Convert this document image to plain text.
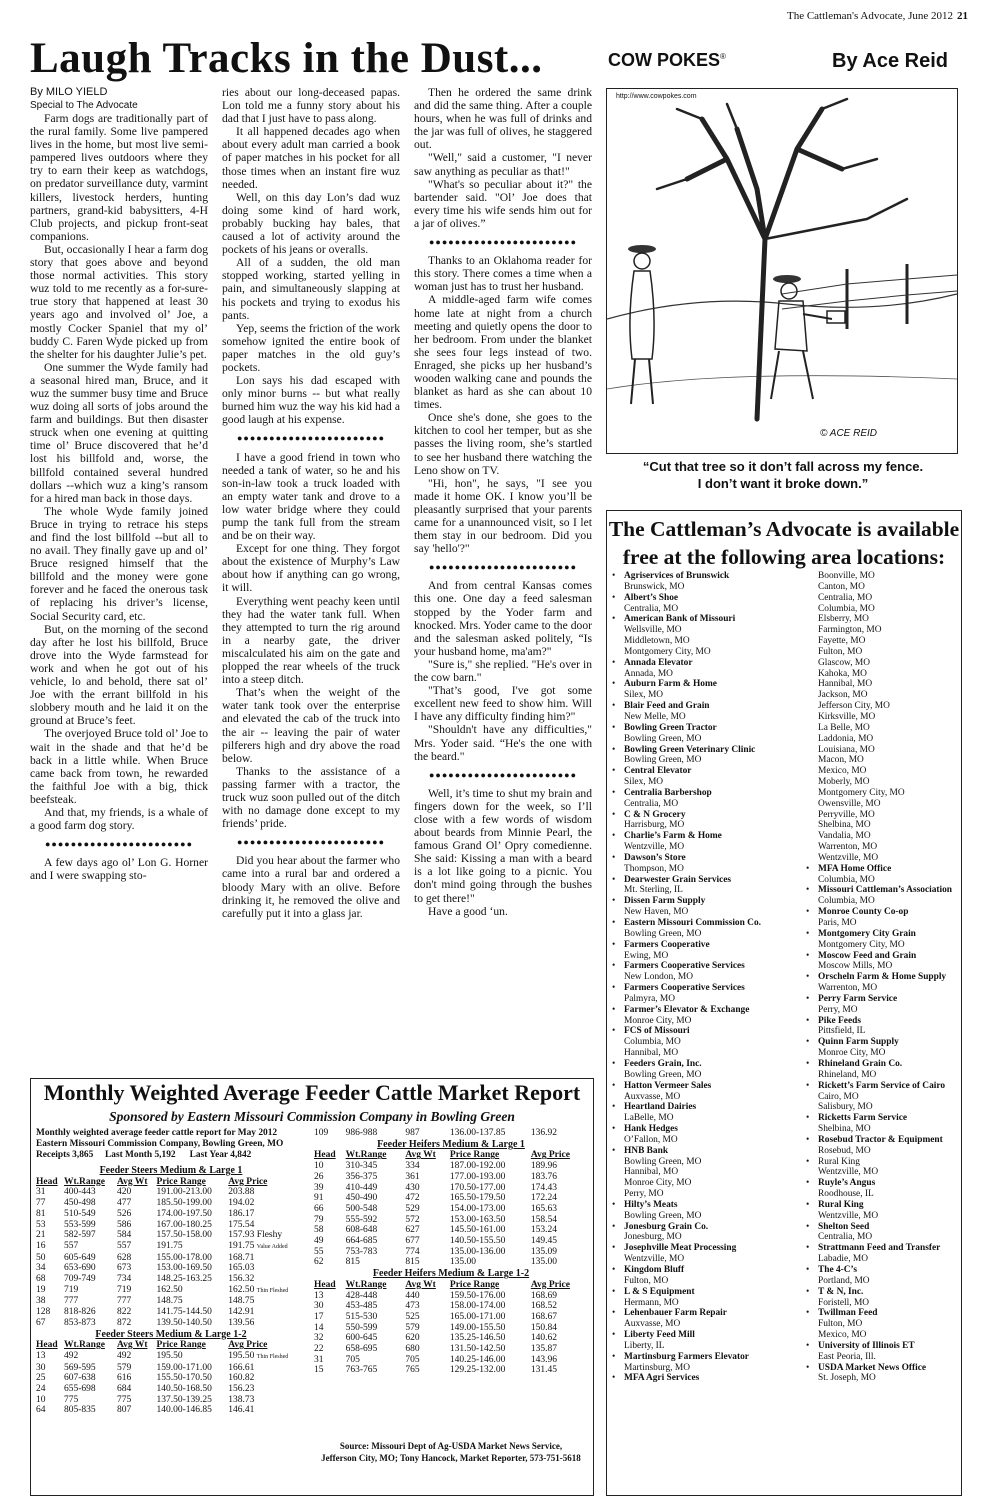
The Cattleman's Advocate, June 2012 21
Laugh Tracks in the Dust...
By MILO YIELD
Special to The Advocate

Farm dogs are traditionally part of the rural family. Some live pampered lives in the home, but most live semi-pampered lives outdoors where they try to earn their keep as watchdogs, on predator surveillance duty, varmint killers, livestock herders, hunting partners, grand-kid babysitters, 4-H Club projects, and pickup front-seat companions.

But, occasionally I hear a farm dog story that goes above and beyond those normal activities. This story wuz told to me recently as a for-sure-true story that happened at least 30 years ago and involved ol’ Joe, a mostly Cocker Spaniel that my ol’ buddy C. Faren Wyde picked up from the shelter for his daughter Julie’s pet.

One summer the Wyde family had a seasonal hired man, Bruce, and it wuz the summer busy time and Bruce wuz doing all sorts of jobs around the farm and buildings. But then disaster struck when one evening at quitting time ol’ Bruce discovered that he’d lost his billfold and, worse, the billfold contained several hundred dollars --which wuz a king’s ransom for a hired man back in those days.

The whole Wyde family joined Bruce in trying to retrace his steps and find the lost billfold --but all to no avail. They finally gave up and ol’ Bruce resigned himself that the billfold and the money were gone forever and he faced the onerous task of replacing his driver’s license, Social Security card, etc.

But, on the morning of the second day after he lost his billfold, Bruce drove into the Wyde farmstead for work and when he got out of his vehicle, lo and behold, there sat ol’ Joe with the errant billfold in his slobbery mouth and he laid it on the ground at Bruce’s feet.

The overjoyed Bruce told ol’ Joe to wait in the shade and that he’d be back in a little while. When Bruce came back from town, he rewarded the faithful Joe with a big, thick beefsteak.

And that, my friends, is a whale of a good farm dog story.

●●●●●●●●●●●●●●●●●●●●●●●

A few days ago ol’ Lon G. Horner and I were swapping sto-

ries about our long-deceased papas. Lon told me a funny story about his dad that I just have to pass along.

It all happened decades ago when about every adult man carried a book of paper matches in his pocket for all those times when an instant fire wuz needed.

Well, on this day Lon’s dad wuz doing some kind of hard work, probably bucking hay bales, that caused a lot of activity around the pockets of his jeans or overalls.

All of a sudden, the old man stopped working, started yelling in pain, and simultaneously slapping at his pockets and trying to exodus his pants.

Yep, seems the friction of the work somehow ignited the entire book of paper matches in the old guy’s pockets.

Lon says his dad escaped with only minor burns -- but what really burned him wuz the way his kid had a good laugh at his expense.

●●●●●●●●●●●●●●●●●●●●●●●

I have a good friend in town who needed a tank of water, so he and his son-in-law took a truck loaded with an empty water tank and drove to a low water bridge where they could pump the tank full from the stream and be on their way.

Except for one thing. They forgot about the existence of Murphy’s Law about how if anything can go wrong, it will.

Everything went peachy keen until they had the water tank full. When they attempted to turn the rig around in a nearby gate, the driver miscalculated his aim on the gate and plopped the rear wheels of the truck into a steep ditch.

That’s when the weight of the water tank took over the enterprise and elevated the cab of the truck into the air -- leaving the pair of water pilferers high and dry above the road below.

Thanks to the assistance of a passing farmer with a tractor, the truck wuz soon pulled out of the ditch with no damage done except to my friends’ pride.

●●●●●●●●●●●●●●●●●●●●●●●

Did you hear about the farmer who came into a rural bar and ordered a bloody Mary with an olive. Before drinking it, he removed the olive and carefully put it into a glass jar.

Then he ordered the same drink and did the same thing. After a couple hours, when he was full of drinks and the jar was full of olives, he staggered out.

"Well," said a customer, "I never saw anything as peculiar as that!"

"What's so peculiar about it?" the bartender said. "Ol’ Joe does that every time his wife sends him out for a jar of olives.”

●●●●●●●●●●●●●●●●●●●●●●●

Thanks to an Oklahoma reader for this story. There comes a time when a woman just has to trust her husband.

A middle-aged farm wife comes home late at night from a church meeting and quietly opens the door to her bedroom. From under the blanket she sees four legs instead of two. Enraged, she picks up her husband’s wooden walking cane and pounds the blanket as hard as she can about 10 times.

Once she's done, she goes to the kitchen to cool her temper, but as she passes the living room, she’s startled to see her husband there watching the Leno show on TV.

"Hi, hon", he says, "I see you made it home OK. I know you’ll be pleasantly surprised that your parents came for a unannounced visit, so I let them stay in our bedroom. Did you say 'hello'?"

●●●●●●●●●●●●●●●●●●●●●●●

And from central Kansas comes this one. One day a feed salesman stopped by the Yoder farm and knocked. Mrs. Yoder came to the door and the salesman asked politely, “Is your husband home, ma'am?"

"Sure is," she replied. "He's over in the cow barn."

"That’s good, I've got some excellent new feed to show him. Will I have any difficulty finding him?"

"Shouldn't have any difficulties," Mrs. Yoder said. “He's the one with the beard."

●●●●●●●●●●●●●●●●●●●●●●●

Well, it’s time to shut my brain and fingers down for the week, so I’ll close with a few words of wisdom about beards from Minnie Pearl, the famous Grand Ol’ Opry comedienne. She said: Kissing a man with a beard is a lot like going to a picnic. You don't mind going through the bushes to get there!"

Have a good ‘un.

COW POKES®	By Ace Reid
http://www.cowpokes.com
© ACE REID
“Cut that tree so it don’t fall across my fence.
I don’t want it broke down.”
The Cattleman’s Advocate is available
free at the following area locations:
• Agriservices of Brunswick
Brunswick, MO
• Albert’s Shoe
Centralia, MO
• American Bank of Missouri
Wellsville, MO
Middletown, MO
Montgomery City, MO
• Annada Elevator
Annada, MO
• Auburn Farm & Home
Silex, MO
• Blair Feed and Grain
New Melle, MO
• Bowling Green Tractor
Bowling Green, MO
• Bowling Green Veterinary Clinic
Bowling Green, MO
• Central Elevator
Silex, MO
• Centralia Barbershop
Centralia, MO
• C & N Grocery
Harrisburg, MO
• Charlie’s Farm & Home
Wentzville, MO
• Dawson’s Store
Thompson, MO
• Dearwester Grain Services
Mt. Sterling, IL
• Dissen Farm Supply
New Haven, MO
• Eastern Missouri Commission Co.
Bowling Green, MO
• Farmers Cooperative
Ewing, MO
• Farmers Cooperative Services
New London, MO
• Farmers Cooperative Services
Palmyra, MO
• Farmer’s Elevator & Exchange
Monroe City, MO
• FCS of Missouri
Columbia, MO
Hannibal, MO
• Feeders Grain, Inc.
Bowling Green, MO
• Hatton Vermeer Sales
Auxvasse, MO
• Heartland Dairies
LaBelle, MO
• Hank Hedges
O’Fallon, MO
• HNB Bank
Bowling Green, MO
Hannibal, MO
Monroe City, MO
Perry, MO
• Hilty’s Meats
Bowling Green, MO
• Jonesburg Grain Co.
Jonesburg, MO
• Josephville Meat Processing
Wentzville, MO
• Kingdom Bluff
Fulton, MO
• L & S Equipment
Hermann, MO
• Lehenbauer Farm Repair
Auxvasse, MO
• Liberty Feed Mill
Liberty, IL
• Martinsburg Farmers Elevator
Martinsburg, MO
• MFA Agri Services
Boonville, MO
Canton, MO
Centralia, MO
Columbia, MO
Elsberry, MO
Farmington, MO
Fayette, MO
Fulton, MO
Glascow, MO
Kahoka, MO
Hannibal, MO
Jackson, MO
Jefferson City, MO
Kirksville, MO
La Belle, MO
Laddonia, MO
Louisiana, MO
Macon, MO
Mexico, MO
Moberly, MO
Montgomery City, MO
Owensville, MO
Perryville, MO
Shelbina, MO
Vandalia, MO
Warrenton, MO
Wentzville, MO
• MFA Home Office
Columbia, MO
• Missouri Cattleman’s Association
Columbia, MO
• Monroe County Co-op
Paris, MO
• Montgomery City Grain
Montgomery City, MO
• Moscow Feed and Grain
Moscow Mills, MO
• Orscheln Farm & Home Supply
Warrenton, MO
• Perry Farm Service
Perry, MO
• Pike Feeds
Pittsfield, IL
• Quinn Farm Supply
Monroe City, MO
• Rhineland Grain Co.
Rhineland, MO
• Rickett’s Farm Service of Cairo
Cairo, MO
Salisbury, MO
• Ricketts Farm Service
Shelbina, MO
• Rosebud Tractor & Equipment
Rosebud, MO
• Rural King
Wentzville, MO
• Ruyle’s Angus
Roodhouse, IL
• Rural King
Wentzville, MO
• Shelton Seed
Centralia, MO
• Strattmann Feed and Transfer
Labadie, MO
• The 4-C’s
Portland, MO
• T & N, Inc.
Foristell, MO
• Twillman Feed
Fulton, MO
Mexico, MO
• University of Illinois ET
East Peoria, Ill.
• USDA Market News Office
St. Joseph, MO
Monthly Weighted Average Feeder Cattle Market Report
Sponsored by Eastern Missouri Commission Company in Bowling Green
Monthly weighted average feeder cattle report for May 2012
Eastern Missouri Commission Company, Bowling Green, MO
Receipts 3,865 Last Month 5,192 Last Year 4,842
Feeder Steers Medium & Large 1				
Head	Wt.Range	Avg Wt	Price Range	Avg Price
31	400-443	420	191.00-213.00	203.88
77	450-498	477	185.50-199.00	194.02
81	510-549	526	174.00-197.50	186.17
53	553-599	586	167.00-180.25	175.54
21	582-597	584	157.50-158.00	157.93 Fleshy
16	557	557	191.75	191.75 Value Added
50	605-649	628	155.00-178.00	168.71
34	653-690	673	153.00-169.50	165.03
68	709-749	734	148.25-163.25	156.32
19	719	719	162.50	162.50 Thin Fleshed
38	777	777	148.75	148.75
128	818-826	822	141.75-144.50	142.91
67	853-873	872	139.50-140.50	139.56
Feeder Steers Medium & Large 1-2				
Head	Wt.Range	Avg Wt	Price Range	Avg Price
13	492	492	195.50	195.50 Thin Fleshed
30	569-595	579	159.00-171.00	166.61
25	607-638	616	155.50-170.50	160.82
24	655-698	684	140.50-168.50	156.23
10	775	775	137.50-139.25	138.73
64	805-835	807	140.00-146.85	146.41
109	986-988	987	136.00-137.85	136.92
Feeder Heifers Medium & Large 1				
Head	Wt.Range	Avg Wt	Price Range	Avg Price
10	310-345	334	187.00-192.00	189.96
26	356-375	361	177.00-193.00	183.76
39	410-449	430	170.50-177.00	174.43
91	450-490	472	165.50-179.50	172.24
66	500-548	529	154.00-173.00	165.63
79	555-592	572	153.00-163.50	158.54
58	608-648	627	145.50-161.00	153.24
49	664-685	677	140.50-155.50	149.45
55	753-783	774	135.00-136.00	135.09
62	815	815	135.00	135.00
Feeder Heifers Medium & Large 1-2				
Head	Wt.Range	Avg Wt	Price Range	Avg Price
13	428-448	440	159.50-176.00	168.69
30	453-485	473	158.00-174.00	168.52
17	515-530	525	165.00-171.00	168.67
14	550-599	579	149.00-155.50	150.84
32	600-645	620	135.25-146.50	140.62
22	658-695	680	131.50-142.50	135.87
31	705	705	140.25-146.00	143.96
15	763-765	765	129.25-132.00	131.45
Source: Missouri Dept of Ag-USDA Market News Service,
Jefferson City, MO; Tony Hancock, Market Reporter, 573-751-5618
